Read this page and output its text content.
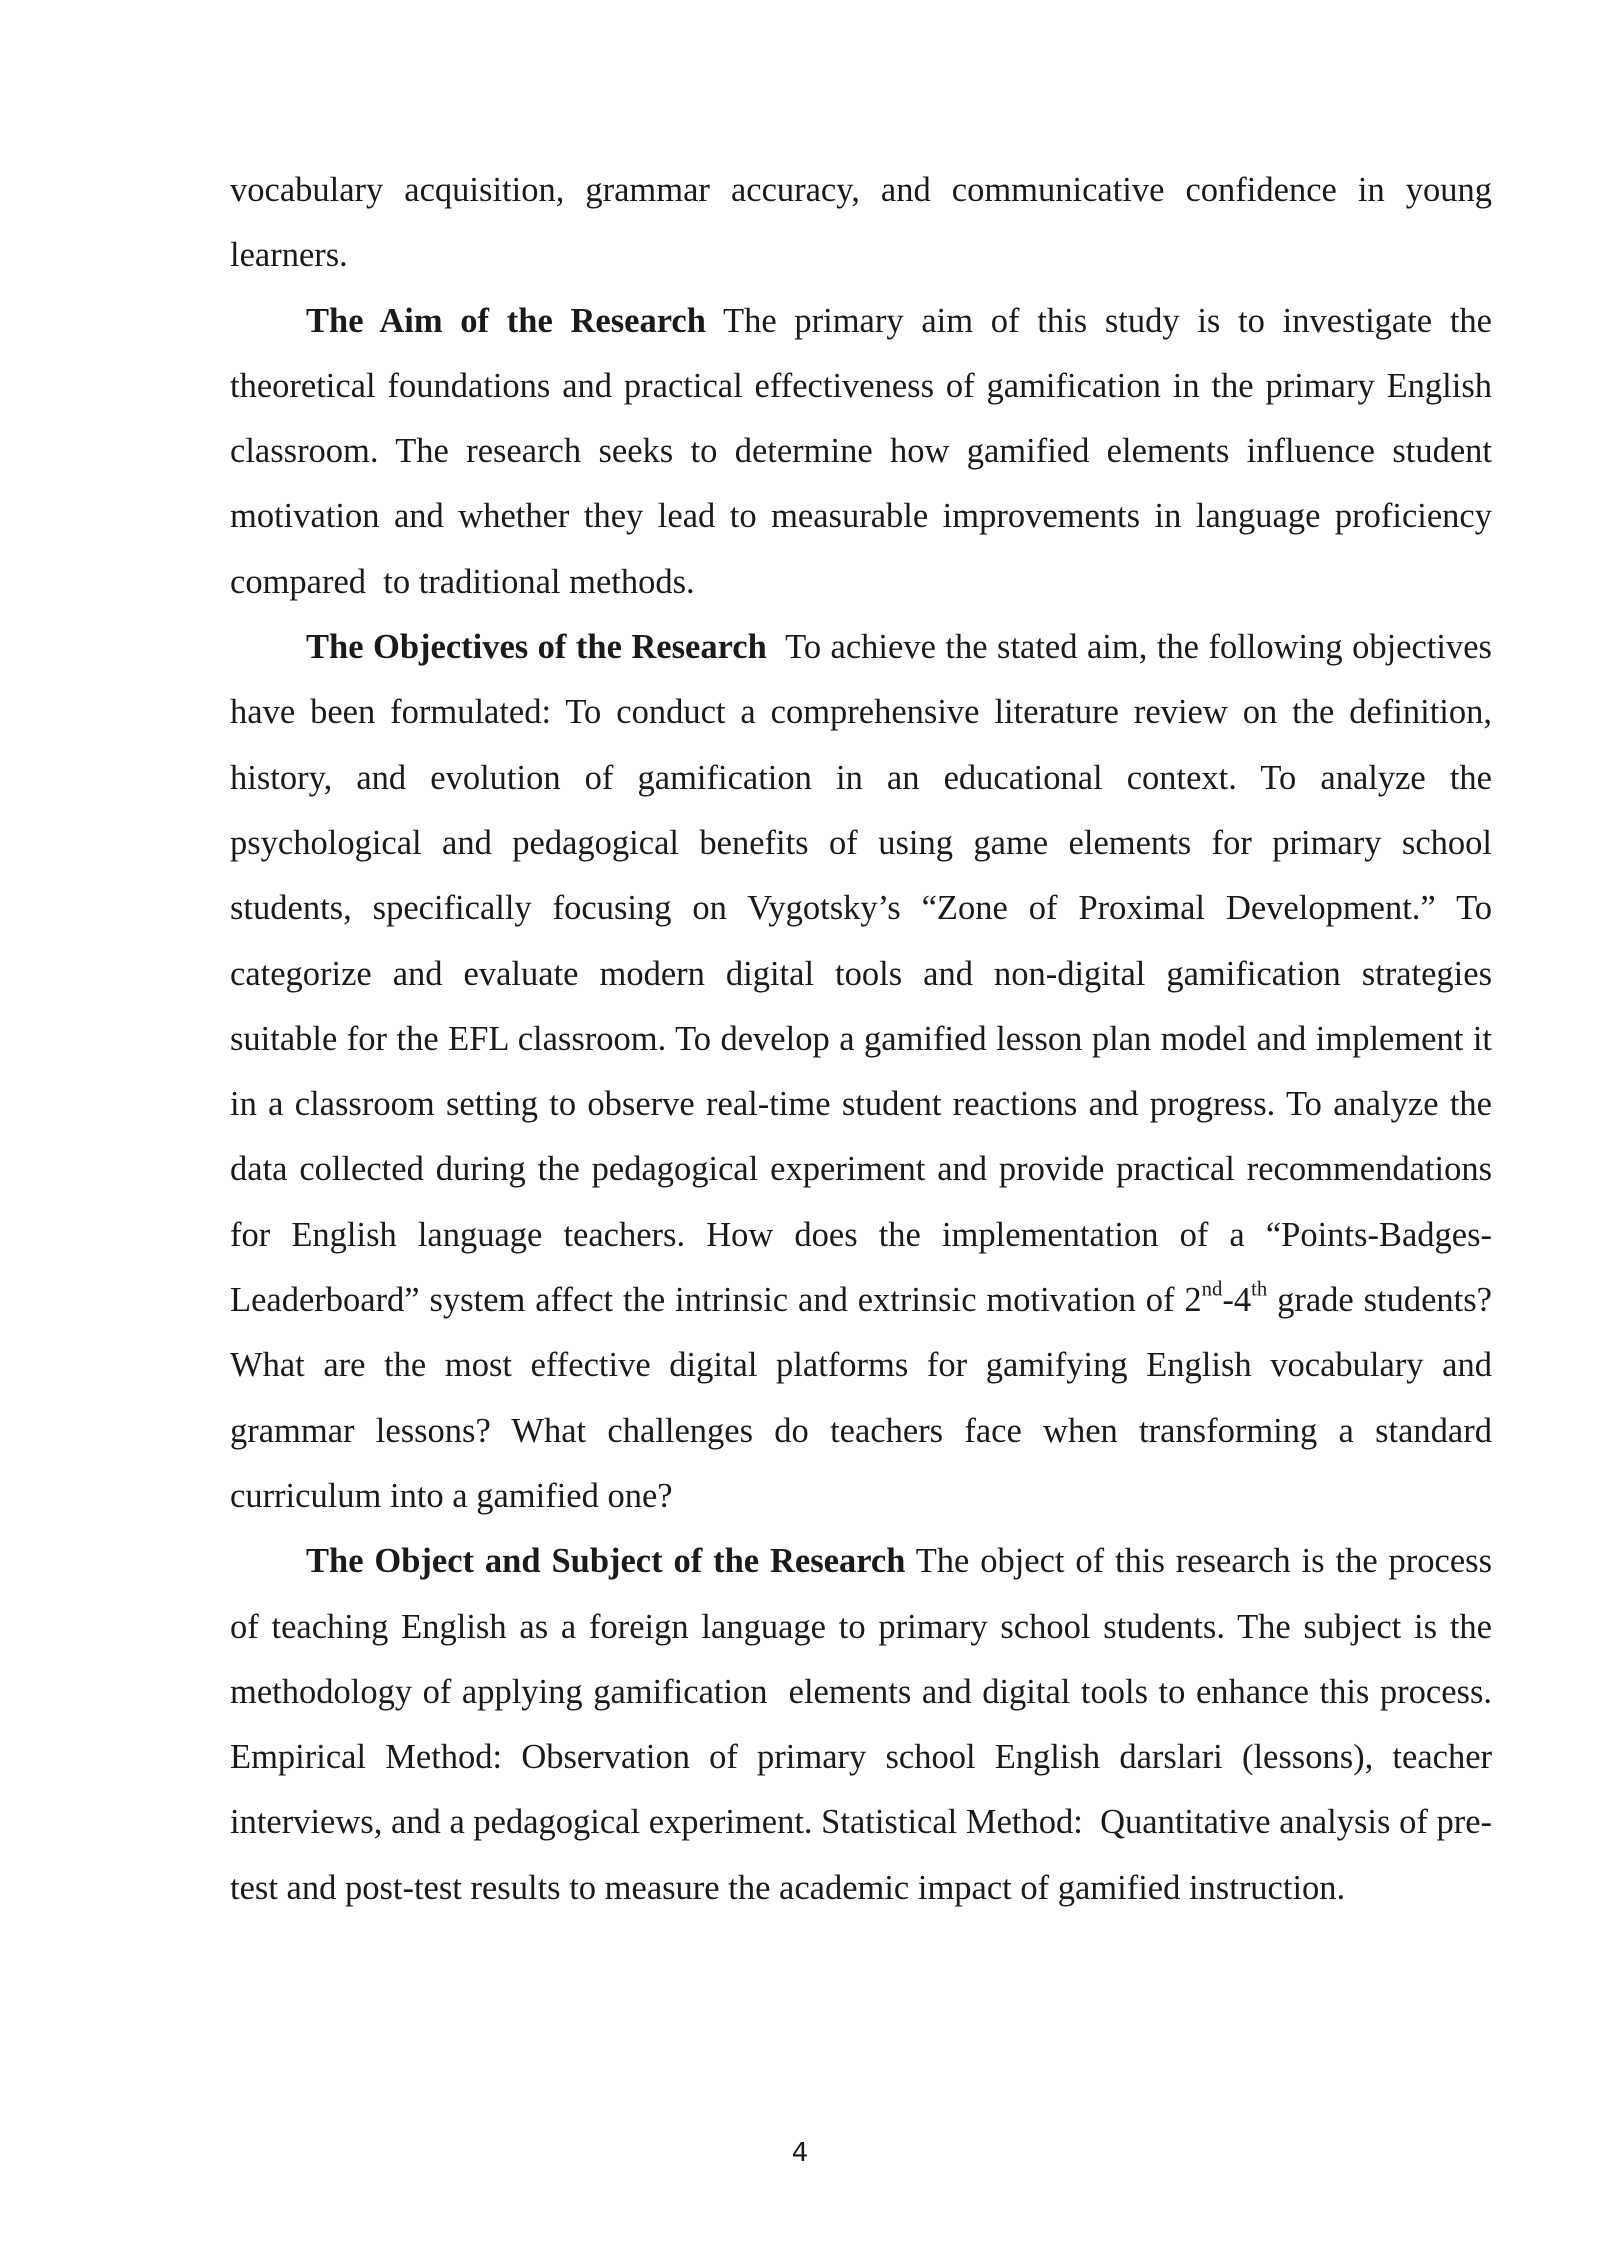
vocabulary acquisition, grammar accuracy, and communicative confidence in young learners.

The Aim of the Research The primary aim of this study is to investigate the theoretical foundations and practical effectiveness of gamification in the primary English classroom. The research seeks to determine how gamified elements influence student motivation and whether they lead to measurable improvements in language proficiency compared  to traditional methods.

The Objectives of the Research  To achieve the stated aim, the following objectives have been formulated: To conduct a comprehensive literature review on the definition, history, and evolution of gamification in an educational context. To analyze the psychological and pedagogical benefits of using game elements for primary school students, specifically focusing on Vygotsky’s “Zone of Proximal Development.” To categorize and evaluate modern digital tools and non-digital gamification strategies suitable for the EFL classroom. To develop a gamified lesson plan model and implement it in a classroom setting to observe real-time student reactions and progress. To analyze the data collected during the pedagogical experiment and provide practical recommendations for English language teachers. How does the implementation of a “Points-Badges-Leaderboard” system affect the intrinsic and extrinsic motivation of 2nd-4th grade students? What are the most effective digital platforms for gamifying English vocabulary and grammar lessons? What challenges do teachers face when transforming a standard curriculum into a gamified one?

The Object and Subject of the Research The object of this research is the process of teaching English as a foreign language to primary school students. The subject is the methodology of applying gamification  elements and digital tools to enhance this process. Empirical Method: Observation of primary school English darslari (lessons), teacher interviews, and a pedagogical experiment. Statistical Method:  Quantitative analysis of pre-test and post-test results to measure the academic impact of gamified instruction.

4
